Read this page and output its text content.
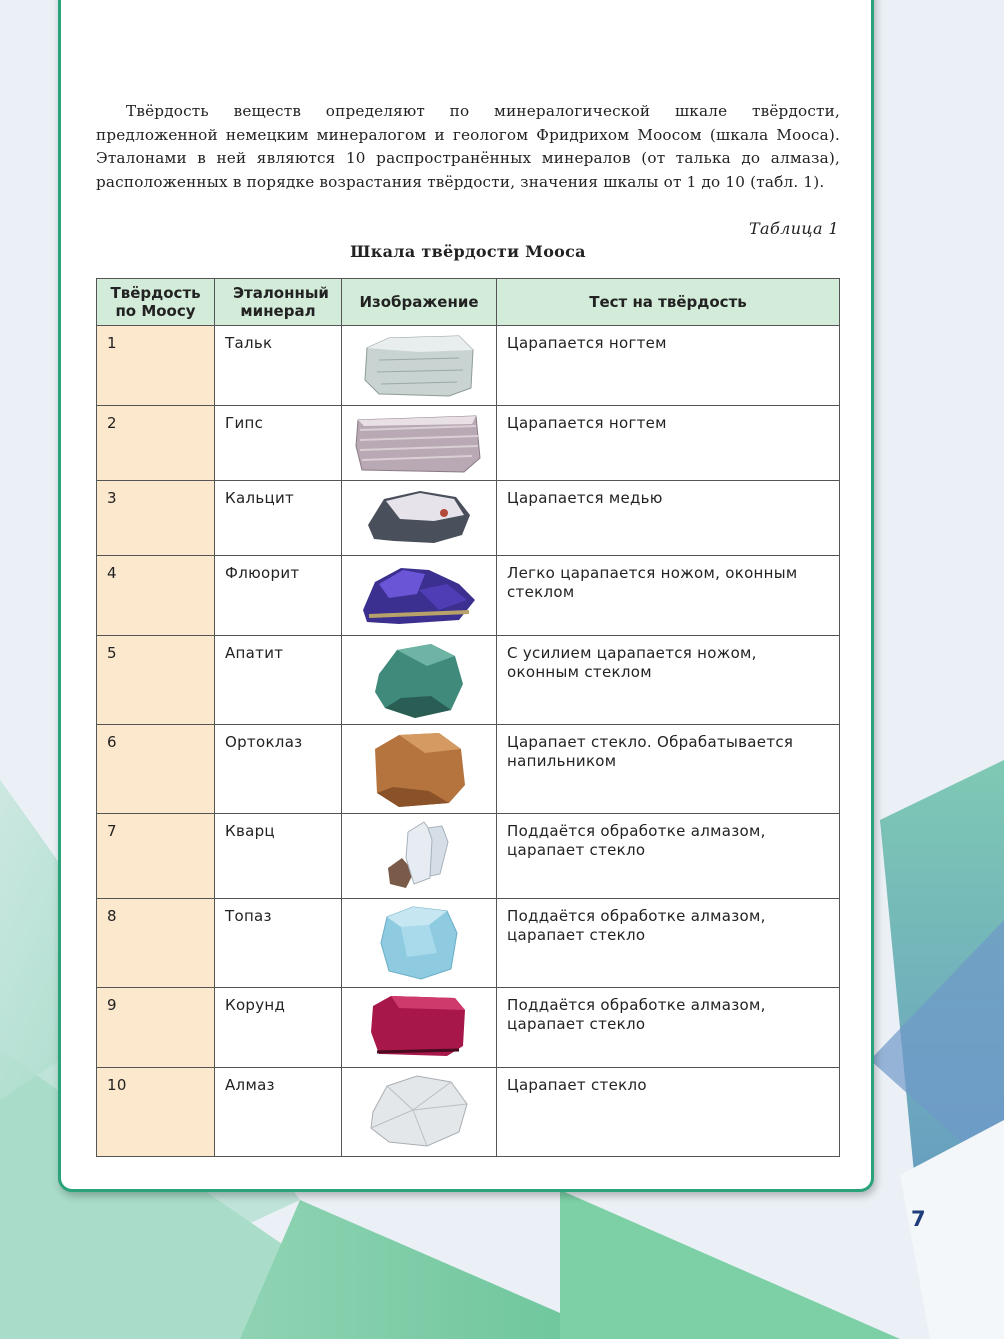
Твёрдость веществ определяют по минералогической шкале твёрдости, предложенной немецким минералогом и геологом Фридрихом Моосом (шкала Мооса). Эталонами в ней являются 10 распространённых минералов (от талька до алмаза), расположенных в порядке возрастания твёрдости, значения шкалы от 1 до 10 (табл. 1).
Таблица 1
Шкала твёрдости Мооса
Твёрдость по Моосу	Эталонный минерал	Изображение	Тест на твёрдость
1	Тальк		Царапается ногтем
2	Гипс		Царапается ногтем
3	Кальцит		Царапается медью
4	Флюорит		Легко царапается ножом, оконным стеклом
5	Апатит		С усилием царапается ножом, оконным стеклом
6	Ортоклаз		Царапает стекло. Обрабатывается напильником
7	Кварц		Поддаётся обработке алмазом, царапает стекло
8	Топаз		Поддаётся обработке алмазом, царапает стекло
9	Корунд		Поддаётся обработке алмазом, царапает стекло
10	Алмаз		Царапает стекло
7
